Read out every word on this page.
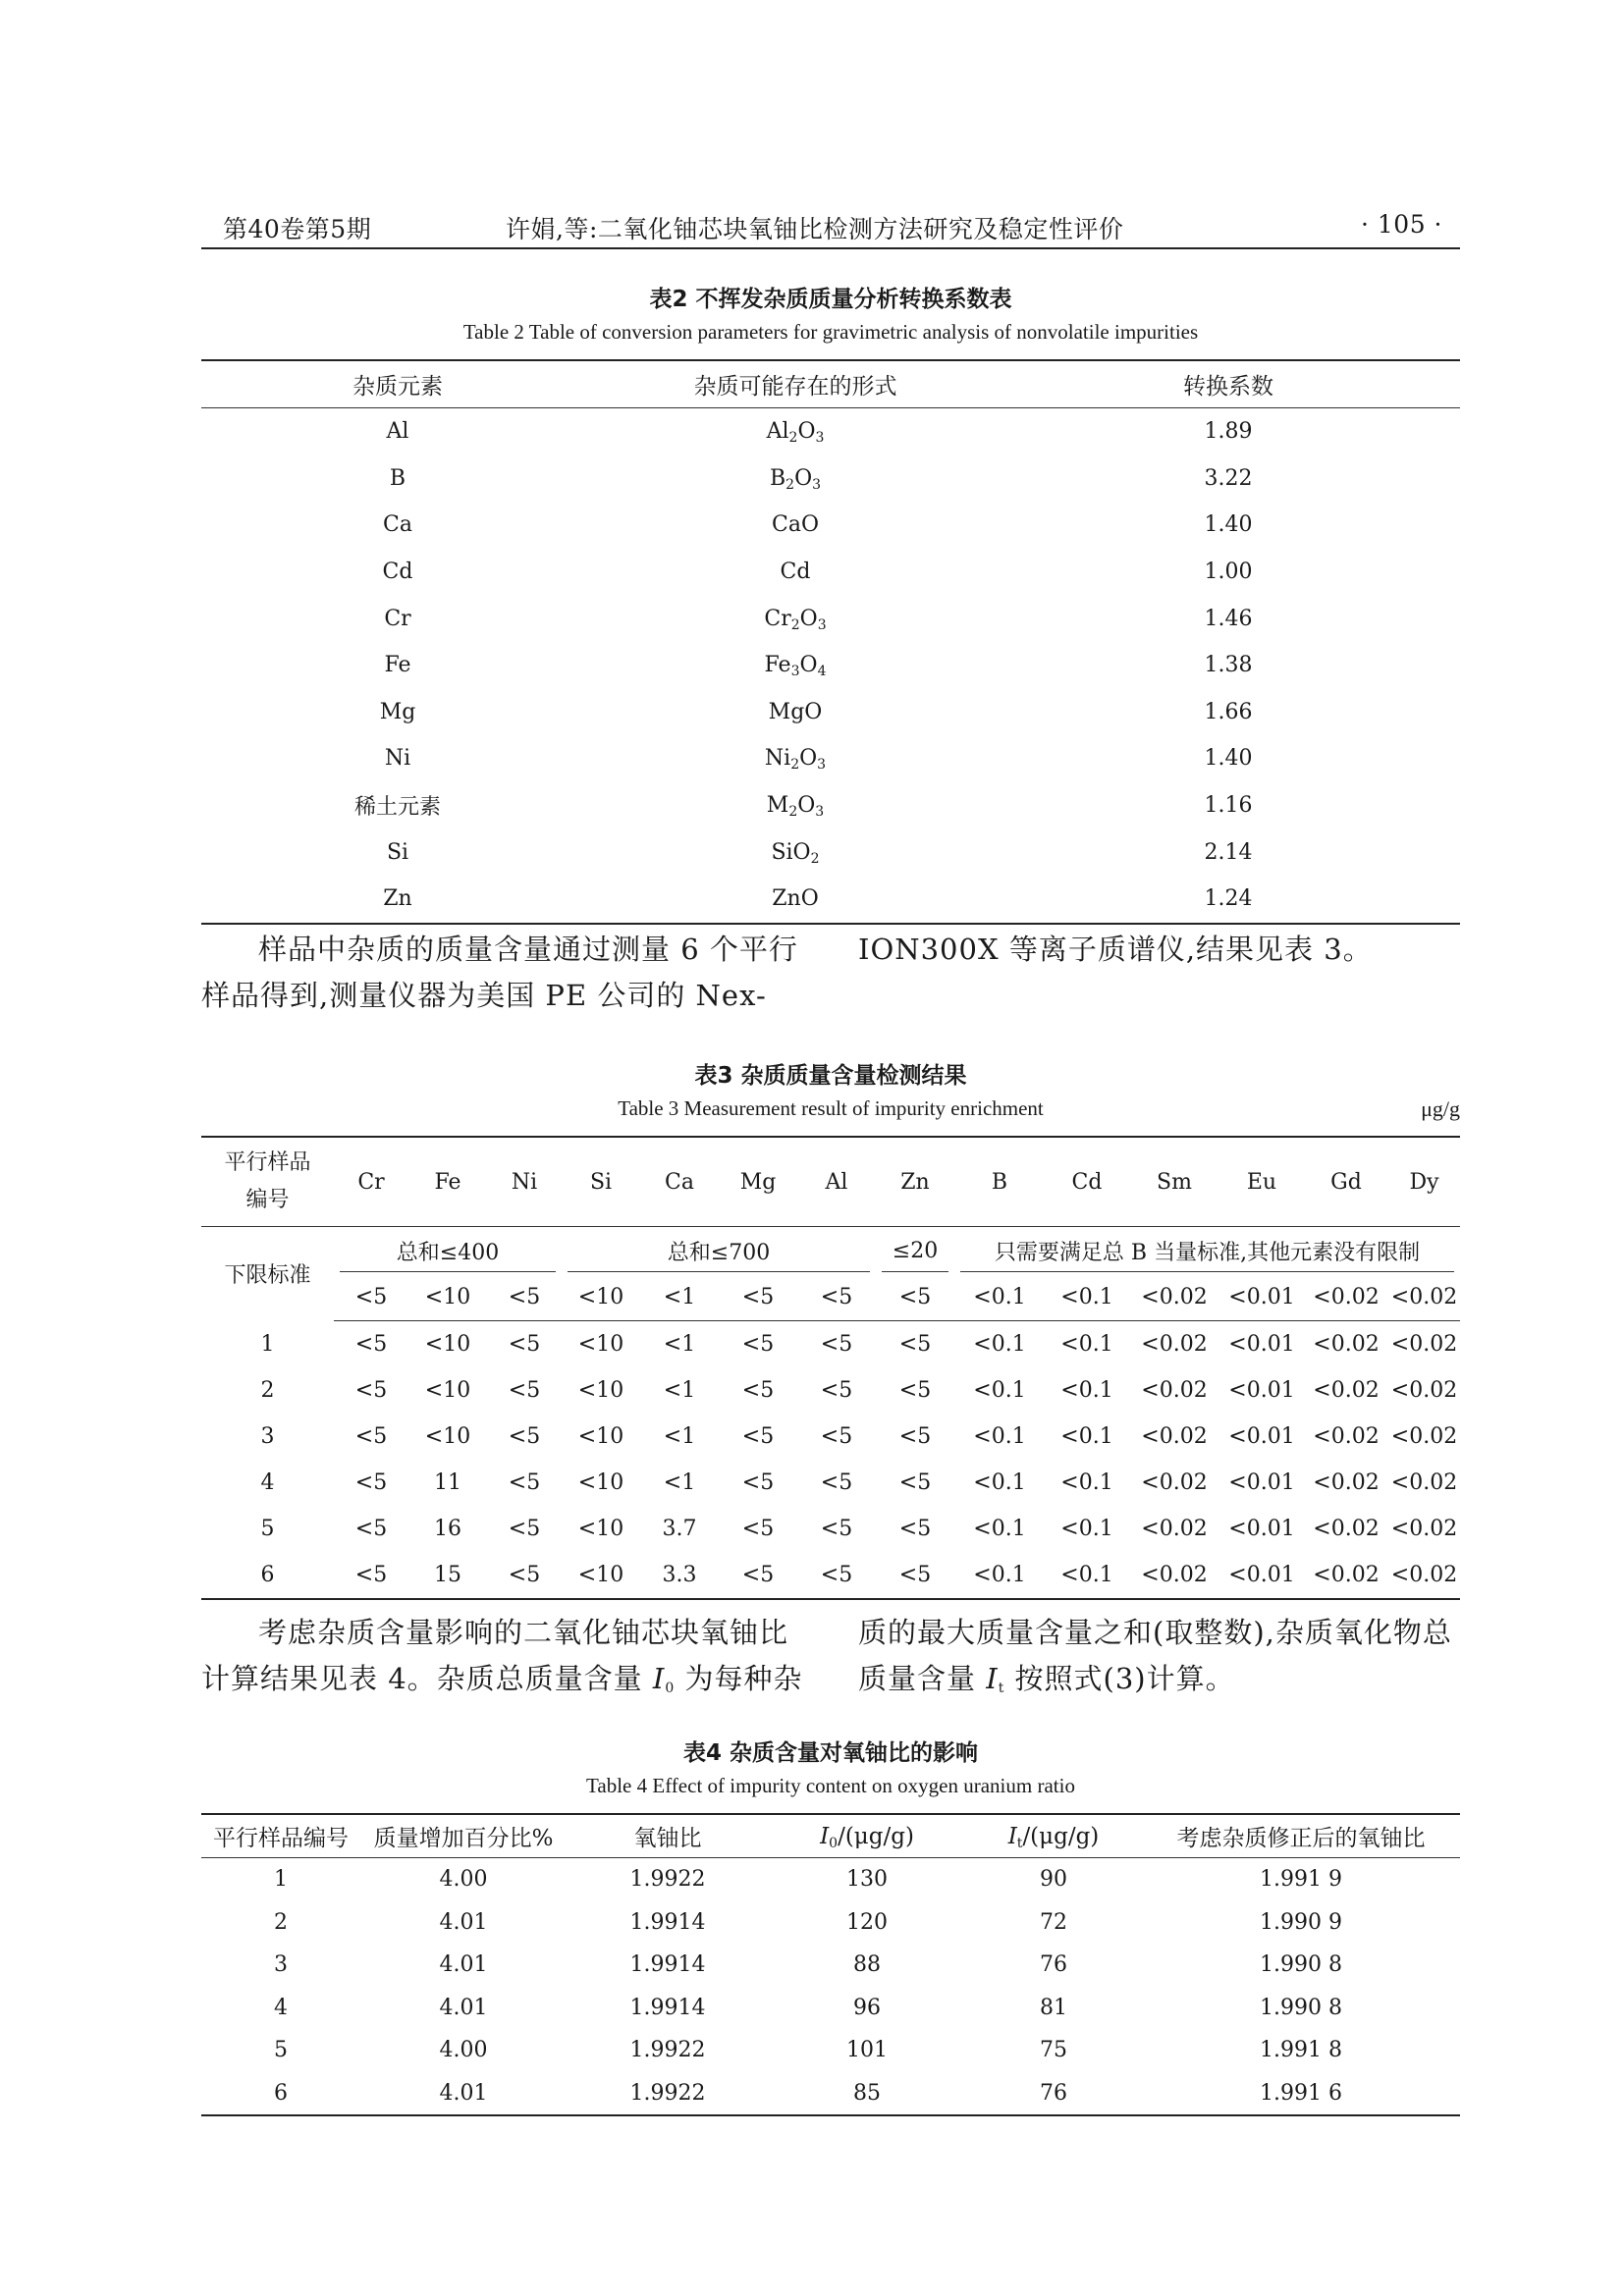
第40卷第5期	许娟,等:二氧化铀芯块氧铀比检测方法研究及稳定性评价	· 105 ·
表2 不挥发杂质质量分析转换系数表
Table 2 Table of conversion parameters for gravimetric analysis of nonvolatile impurities
杂质元素	杂质可能存在的形式	转换系数
Al	$Al_2O_3$	1.89
B	$B_2O_3$	3.22
Ca	CaO	1.40
Cd	Cd	1.00
Cr	$Cr_2O_3$	1.46
Fe	$Fe_3O_4$	1.38
Mg	MgO	1.66
Ni	$Ni_2O_3$	1.40
稀土元素	$M_2O_3$	1.16
Si	SiO$_2$	2.14
Zn	ZnO	1.24
样品中杂质的质量含量通过测量 6 个平行
样品得到,测量仪器为美国 PE 公司的 Nex-
ION300X 等离子质谱仪,结果见表 3。
表3 杂质质量含量检测结果
Table 3 Measurement result of impurity enrichment	μg/g
平行样品
编号	Cr	Fe	Ni	Si	Ca	Mg	Al	Zn	B	Cd	Sm	Eu	Gd	Dy
下限标准	总和≤400			总和≤700				≤20	只需要满足总 B 当量标准,其他元素没有限制					
	<5	<10	<5	<10	<1	<5	<5	<5	<0.1	<0.1	<0.02	<0.01	<0.02	<0.02
1	<5	<10	<5	<10	<1	<5	<5	<5	<0.1	<0.1	<0.02	<0.01	<0.02	<0.02
2	<5	<10	<5	<10	<1	<5	<5	<5	<0.1	<0.1	<0.02	<0.01	<0.02	<0.02
3	<5	<10	<5	<10	<1	<5	<5	<5	<0.1	<0.1	<0.02	<0.01	<0.02	<0.02
4	<5	11	<5	<10	<1	<5	<5	<5	<0.1	<0.1	<0.02	<0.01	<0.02	<0.02
5	<5	16	<5	<10	3.7	<5	<5	<5	<0.1	<0.1	<0.02	<0.01	<0.02	<0.02
6	<5	15	<5	<10	3.3	<5	<5	<5	<0.1	<0.1	<0.02	<0.01	<0.02	<0.02
考虑杂质含量影响的二氧化铀芯块氧铀比
计算结果见表 4。杂质总质量含量 $I_0$ 为每种杂
质的最大质量含量之和(取整数),杂质氧化物总
质量含量 $I_t$ 按照式(3)计算。
表4 杂质含量对氧铀比的影响
Table 4 Effect of impurity content on oxygen uranium ratio
平行样品编号	质量增加百分比%	氧铀比	$I_0/(\mu g/g)$	$I_t/(\mu g/g)$	考虑杂质修正后的氧铀比
1	4.00	1.9922	130	90	1.991 9
2	4.01	1.9914	120	72	1.990 9
3	4.01	1.9914	88	76	1.990 8
4	4.01	1.9914	96	81	1.990 8
5	4.00	1.9922	101	75	1.991 8
6	4.01	1.9922	85	76	1.991 6
